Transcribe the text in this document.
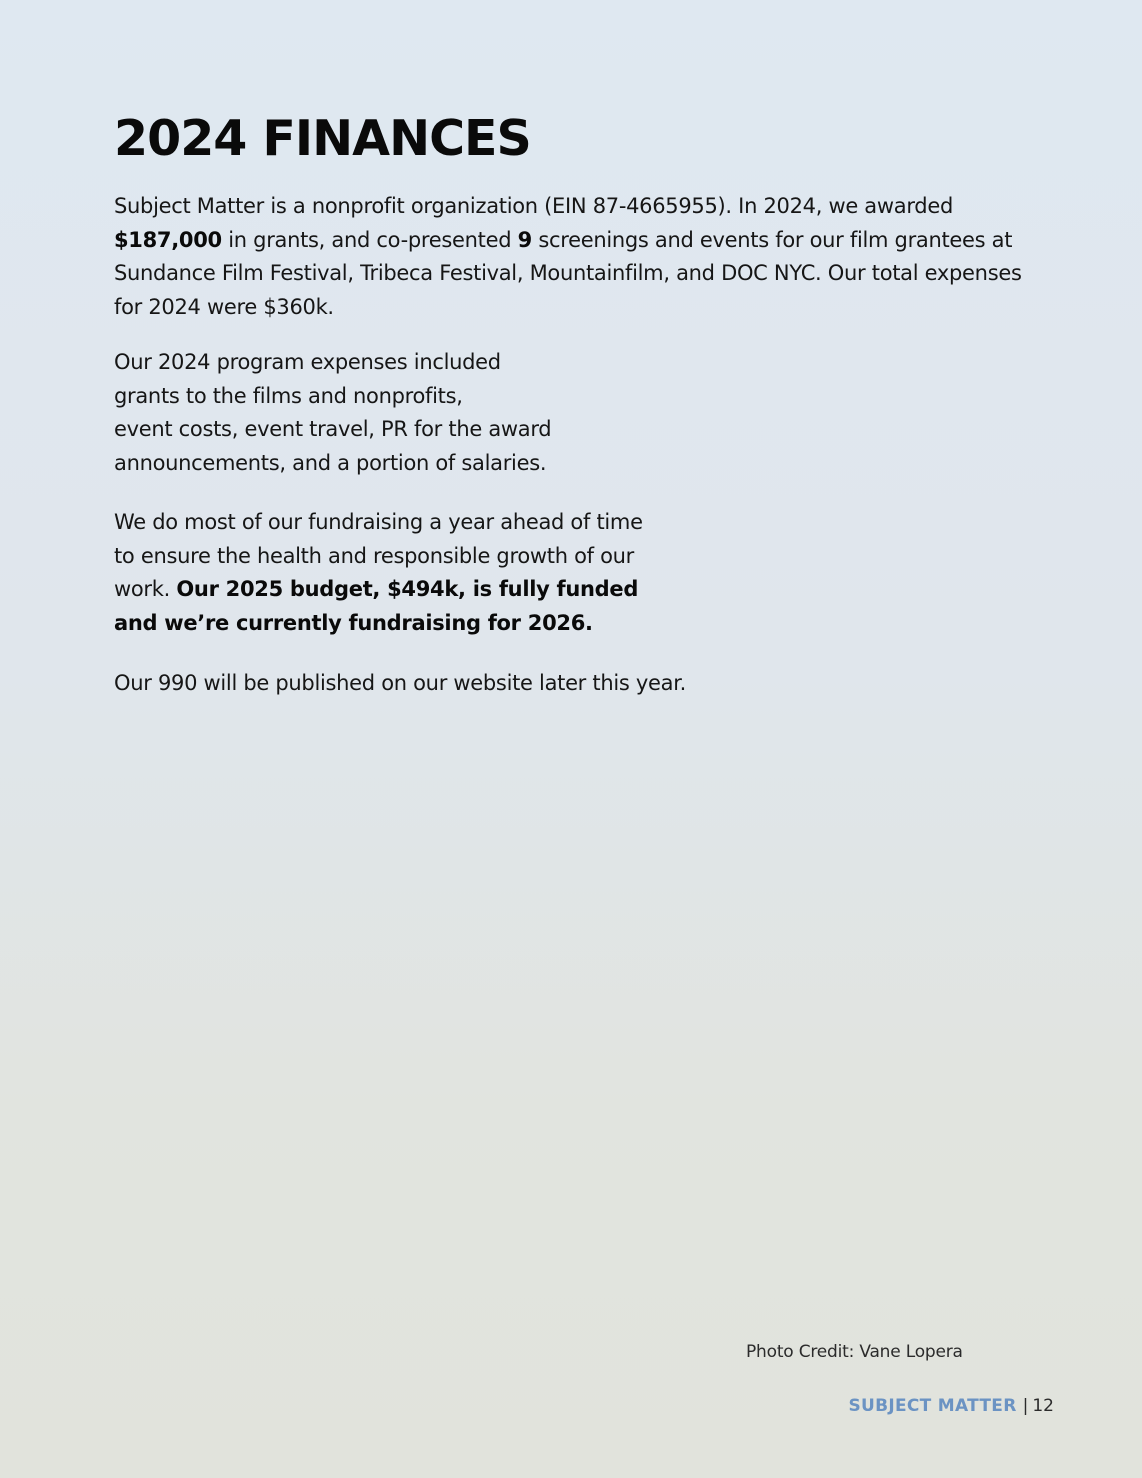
2024 FINANCES
Subject Matter is a nonprofit organization (EIN 87-4665955). In 2024, we awarded
$187,000 in grants, and co-presented 9 screenings and events for our film grantees at
Sundance Film Festival, Tribeca Festival, Mountainfilm, and DOC NYC. Our total expenses
for 2024 were $360k.
Our 2024 program expenses included
grants to the films and nonprofits,
event costs, event travel, PR for the award
announcements, and a portion of salaries.
We do most of our fundraising a year ahead of time
to ensure the health and responsible growth of our
work. Our 2025 budget, $494k, is fully funded
and we’re currently fundraising for 2026.
Our 990 will be published on our website later this year.
Photo Credit: Vane Lopera
SUBJECT MATTER | 12
